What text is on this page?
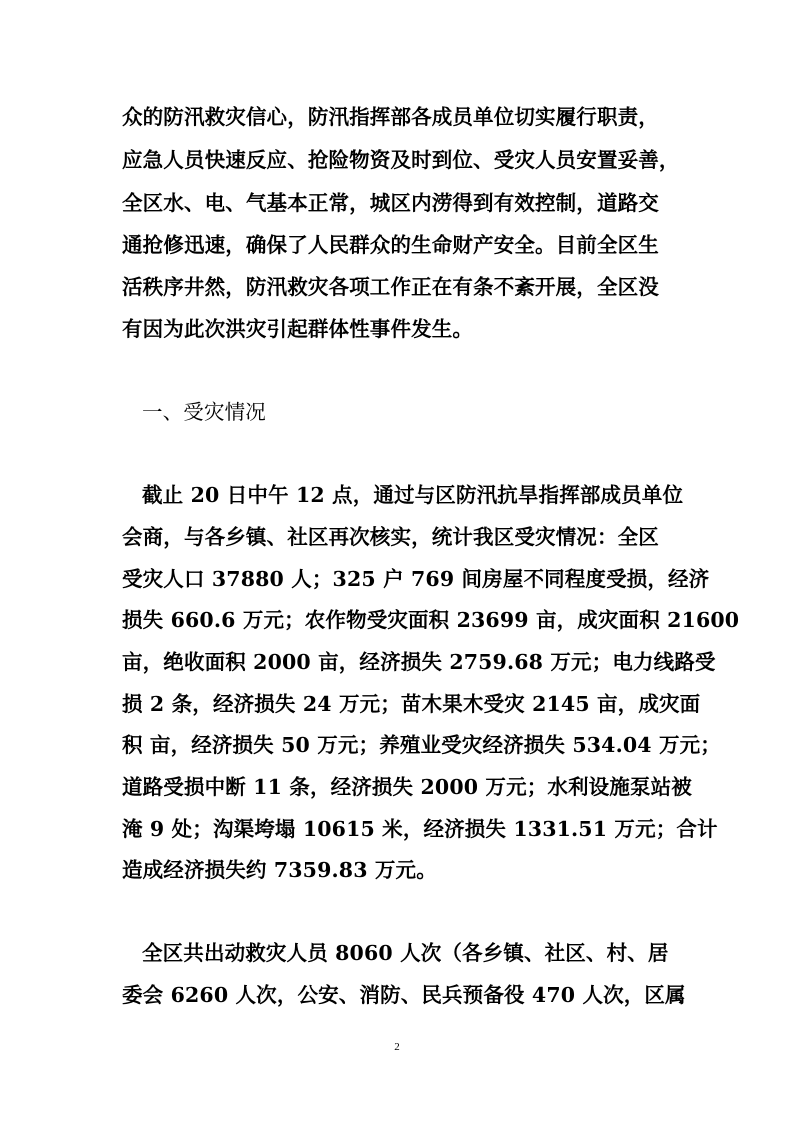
众的防汛救灾信心，防汛指挥部各成员单位切实履行职责，
应急人员快速反应、抢险物资及时到位、受灾人员安置妥善，
全区水、电、气基本正常，城区内涝得到有效控制，道路交
通抢修迅速，确保了人民群众的生命财产安全。目前全区生
活秩序井然，防汛救灾各项工作正在有条不紊开展，全区没
有因为此次洪灾引起群体性事件发生。
一、受灾情况
截止 20 日中午 12 点，通过与区防汛抗旱指挥部成员单位
会商，与各乡镇、社区再次核实，统计我区受灾情况：全区
受灾人口 37880 人；325 户 769 间房屋不同程度受损，经济
损失 660.6 万元；农作物受灾面积 23699 亩，成灾面积 21600
亩，绝收面积 2000 亩，经济损失 2759.68 万元；电力线路受
损 2 条，经济损失 24 万元；苗木果木受灾 2145 亩，成灾面
积 亩，经济损失 50 万元；养殖业受灾经济损失 534.04 万元；
道路受损中断 11 条，经济损失 2000 万元；水利设施泵站被
淹 9 处；沟渠垮塌 10615 米，经济损失 1331.51 万元；合计
造成经济损失约 7359.83 万元。
全区共出动救灾人员 8060 人次（各乡镇、社区、村、居
委会 6260 人次，公安、消防、民兵预备役 470 人次，区属
2
